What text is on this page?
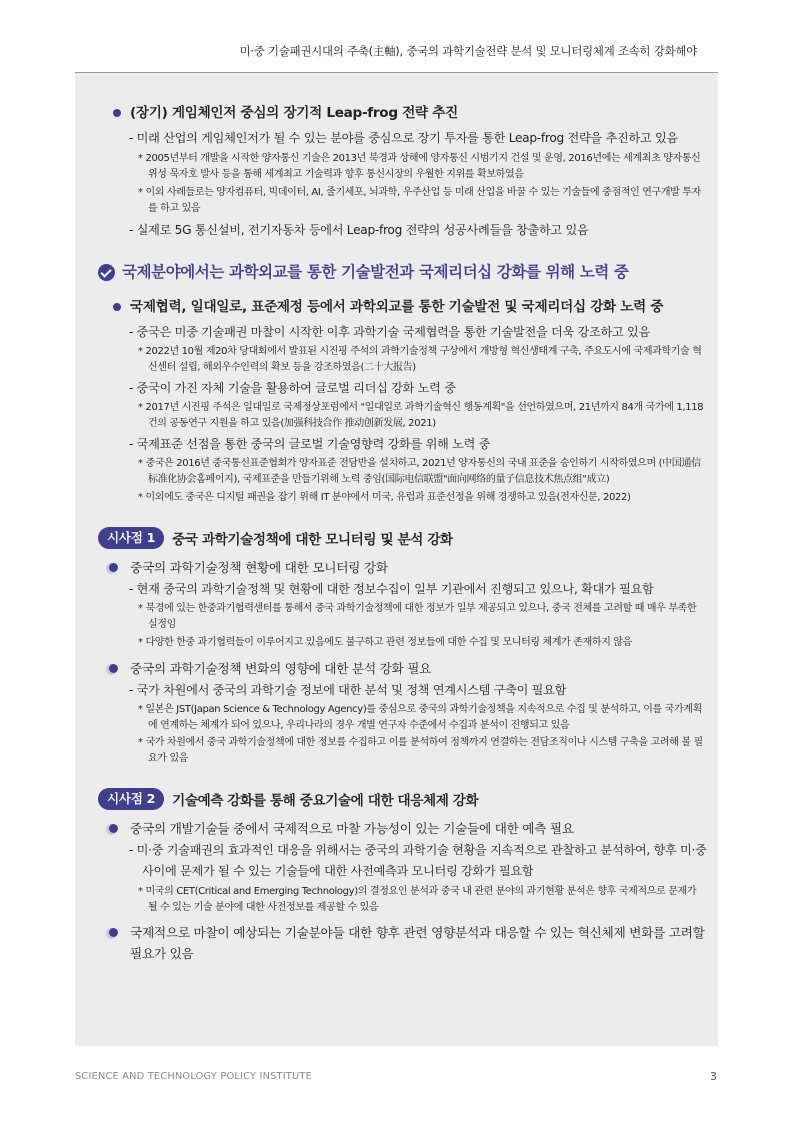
미·중 기술패권시대의 주축(主軸), 중국의 과학기술전략 분석 및 모니터링체계 조속히 강화해야
(장기) 게임체인저 중심의 장기적 Leap-frog 전략 추진
- 미래 산업의 게임체인저가 될 수 있는 분야를 중심으로 장기 투자를 통한 Leap-frog 전략을 추진하고 있음
* 2005년부터 개발을 시작한 양자통신 기술은 2013년 북경과 상해에 양자통신 시범기지 건설 및 운영, 2016년에는 세계최초 양자통신위성 묵자호 발사 등을 통해 세계최고 기술력과 향후 통신시장의 우월한 지위를 확보하였음
* 이외 사례들로는 양자컴퓨터, 빅데이터, AI, 줄기세포, 뇌과학, 우주산업 등 미래 산업을 바꿀 수 있는 기술들에 중점적인 연구개발 투자를 하고 있음
- 실제로 5G 통신설비, 전기자동차 등에서 Leap-frog 전략의 성공사례들을 창출하고 있음
국제분야에서는 과학외교를 통한 기술발전과 국제리더십 강화를 위해 노력 중
국제협력, 일대일로, 표준제정 등에서 과학외교를 통한 기술발전 및 국제리더십 강화 노력 중
- 중국은 미중 기술패권 마찰이 시작한 이후 과학기술 국제협력을 통한 기술발전을 더욱 강조하고 있음
* 2022년 10월 제20차 당대회에서 발표된 시진핑 주석의 과학기술정책 구상에서 개방형 혁신생태계 구축, 주요도시에 국제과학기술 혁신센터 설립, 해외우수인력의 확보 등을 강조하였음(二十大报告)
- 중국이 가진 자체 기술을 활용하여 글로벌 리더십 강화 노력 중
* 2017년 시진핑 주석은 일대일로 국제정상포럼에서 "일대일로 과학기술혁신 행동계획"을 선언하였으며, 21년까지 84개 국가에 1,118건의 공동연구 지원을 하고 있음(加强科技合作 推动创新发展, 2021)
- 국제표준 선점을 통한 중국의 글로벌 기술영향력 강화를 위해 노력 중
* 중국은 2016년 중국통신표준협회가 양자표준 전담반을 설치하고, 2021년 양자통신의 국내 표준을 승인하기 시작하였으며 (中国通信标准化协会홈페이지), 국제표준을 만들기위해 노력 중임(国际电信联盟"面向网络的量子信息技术焦点组"成立)
* 이외에도 중국은 디지털 패권을 잡기 위해 IT 분야에서 미국, 유럽과 표준선정을 위해 경쟁하고 있음(전자신문, 2022)
시사점 1	중국 과학기술정책에 대한 모니터링 및 분석 강화
중국의 과학기술정책 현황에 대한 모니터링 강화
- 현재 중국의 과학기술정책 및 현황에 대한 정보수집이 일부 기관에서 진행되고 있으나, 확대가 필요함
* 북경에 있는 한중과기협력센터를 통해서 중국 과학기술정책에 대한 정보가 일부 제공되고 있으나, 중국 전체를 고려할 때 매우 부족한 실정임
* 다양한 한중 과기협력들이 이루어지고 있음에도 불구하고 관련 정보들에 대한 수집 및 모니터링 체계가 존재하지 않음
중국의 과학기술정책 변화의 영향에 대한 분석 강화 필요
- 국가 차원에서 중국의 과학기술 정보에 대한 분석 및 정책 연계시스템 구축이 필요함
* 일본은 JST(Japan Science & Technology Agency)를 중심으로 중국의 과학기술정책을 지속적으로 수집 및 분석하고, 이를 국가계획에 연계하는 체계가 되어 있으나, 우리나라의 경우 개별 연구자 수준에서 수집과 분석이 진행되고 있음
* 국가 차원에서 중국 과학기술정책에 대한 정보를 수집하고 이를 분석하여 정책까지 연결하는 전담조직이나 시스템 구축을 고려해 볼 필요가 있음
시사점 2	기술예측 강화를 통해 중요기술에 대한 대응체제 강화
중국의 개발기술들 중에서 국제적으로 마찰 가능성이 있는 기술들에 대한 예측 필요
- 미·중 기술패권의 효과적인 대응을 위해서는 중국의 과학기술 현황을 지속적으로 관찰하고 분석하여, 향후 미·중 사이에 문제가 될 수 있는 기술들에 대한 사전예측과 모니터링 강화가 필요함
* 미국의 CET(Critical and Emerging Technology)의 결정요인 분석과 중국 내 관련 분야의 과기현황 분석은 향후 국제적으로 문제가 될 수 있는 기술 분야에 대한 사전정보를 제공할 수 있음
국제적으로 마찰이 예상되는 기술분야들 대한 향후 관련 영향분석과 대응할 수 있는 혁신체제 변화를 고려할 필요가 있음
SCIENCE AND TECHNOLOGY POLICY INSTITUTE	3
